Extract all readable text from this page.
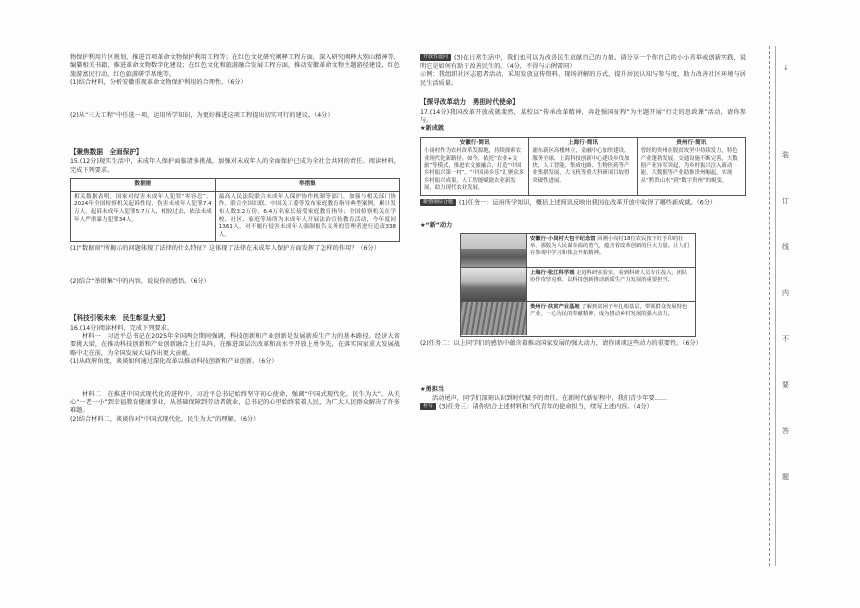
物保护利用片区规划，推进百项革命文物保护利用工程等；在红色文化研究阐释工程方面，深入研究阐释大别山精神等，编纂相关书籍，推进革命文物数字化建设；在红色文化和旅游融合发展工程方面，推动安徽革命文物主题游径建设，红色旅游富民行动，红色旅游研学基地等。

(1)结合材料，分析安徽重视革命文物保护利用的合理性。（6分）

(2)从“三大工程”中任选一项，运用所学知识，为更好推进这项工程提出切实可行的建议。（4分）

【聚焦数据　全面保护】

15.(12分)现实生活中，未成年人保护面临诸多挑战，加强对未成年人的全面保护已成为全社会共同的责任。阅读材料，完成下列要求。

数据窗	举措集
相关数据表明，国家对侵害未成年人犯罪“零容忍”。2024年全国检察机关起诉性侵、伤害未成年人犯罪7.4万人，起诉未成年人犯罪5.7万人，相较过去，依法未成年人严重暴力犯罪34人。	最高人民法院联合未成年人保护协作机制等部门，加强与相关部门协作，联合全国妇联、中国关工委等发布家庭教育指导典型案例，累计发布人数3.2万份，6.4万名家长接受家庭教育指导；全国检察机关在学校、社区、家庭等场所为未成年人开展法治宣传教育活动，今年度同1361人，对不履行侵害未成年人强制报告义务的管理者进行追责338人。

(1)“数据窗”所揭示的问题体现了法律的什么特征？这体现了法律在未成年人保护方面发挥了怎样的作用？（6分）

(2)结合“举措集”中的内容，说说你的感悟。（6分）

【科技引领未来　民生彰显大爱】

16.(14分)阅读材料，完成下列要求。

材料一　习近平总书记在2025年全国两会期间强调，科技创新和产业创新是发展新质生产力的基本路径。经济大省要挑大梁，在推动科技创新和产业创新融合上打头阵，在推进深层次改革和高水平开放上勇争先，在落实国家重大发展战略中走在前，为全国发展大局作出更大贡献。

(1)从政府角度，谈谈如何通过深化改革以推动科技创新和产业创新。（6分）

材料二　在推进中国式现代化的进程中，习近平总书记始终坚守初心使命，强调“中国式现代化，民生为大”。从关心“一老一小”到幸福教育健康事业，从基础保障到劳动者就业，总书记的心里始终装着人民，为广大人民群众解决了许多难题。

(2)结合材料二，谈谈你对“中国式现代化，民生为大”的理解。（6分）

开放性设问 (3)在日常生活中，我们也可以为改善民生贡献自己的力量。请分享一个你自己的小小善举或创新实践，说明它是如何有助于改善民生的。（4分，不得与示例雷同）

示例：我组织社区志愿者活动，采用发放宣传资料、现场讲解的方式，提升居民认知与参与度，助力改善社区环境与居民生活质量。

【探寻改革动力　勇担时代使命】

17.(14分)我国改革开放成就斐然，某校以“传承改革精神，奔赴强国征程”为主题开展“行走的思政课”活动，请你参与。

★新成就
安徽行·简讯
小岗村作为农村改革发源地，持续探索农业现代化新路径。如今，依托“农业+文旅”等模式，推进农文旅融合，打造“中国乡村振兴第一村”。“中国岗乡乐”汇聚众多乡村振兴成果，人工智能赋能农业新发展，助力现代农业发展。
上海行·简讯
浦东新区高楼林立，金融中心加快建设，服务全球，上海科技创新中心建设步伐加快，人工智能、集成电路、生物医药等产业集群发展，大飞机等重大科研项目取得突破性进展。
贵州行·简讯
曾经的贵州在脱贫攻坚中持续发力，特色产业蓬勃发展，交通设施不断完善，大数据产业异军突起，为乡村振兴注入新动能。大数据等产业助推贵州崛起，实现从“黔贵山水”到“数字贵州”的蜕变。

新情境综合题 (1)任务一：运用所学知识，概括上述简讯反映出我国在改革开放中取得了哪些新成就。（6分）

★“新”动力
安徽行·小岗村大包干纪念馆 回溯小岗村18位农民按下红手印的壮举，那股为人民谋幸福的勇气，蕴含着改革创新的巨大力量。让人们在参观中学习和体会开拓精神。
上海行·张江科学城 走进科研实验室，看到科研人员专注投入，团队协作攻坚克难，以科技创新推动新质生产力发展的重要担当。
贵州行·扶贫产业基地 了解到贫困子年扎根基层，带领群众发展特色产业，一心为民的奉献精神，成为推动乡村发展的强大动力。

(2)任务二：以上同学们的感悟中蕴含着推动国家发展的强大动力，请你谈谈这些动力的重要性。（6分）

★勇担当

活动尾声，同学们深刻认识到时代赋予的责任。在新时代新征程中，我们青少年要……

补写 (3)任务三：请你结合上述材料和当代青年的使命担当，续写上述内容。（4分）

↓
装
订
线
内
不
要
答
题
